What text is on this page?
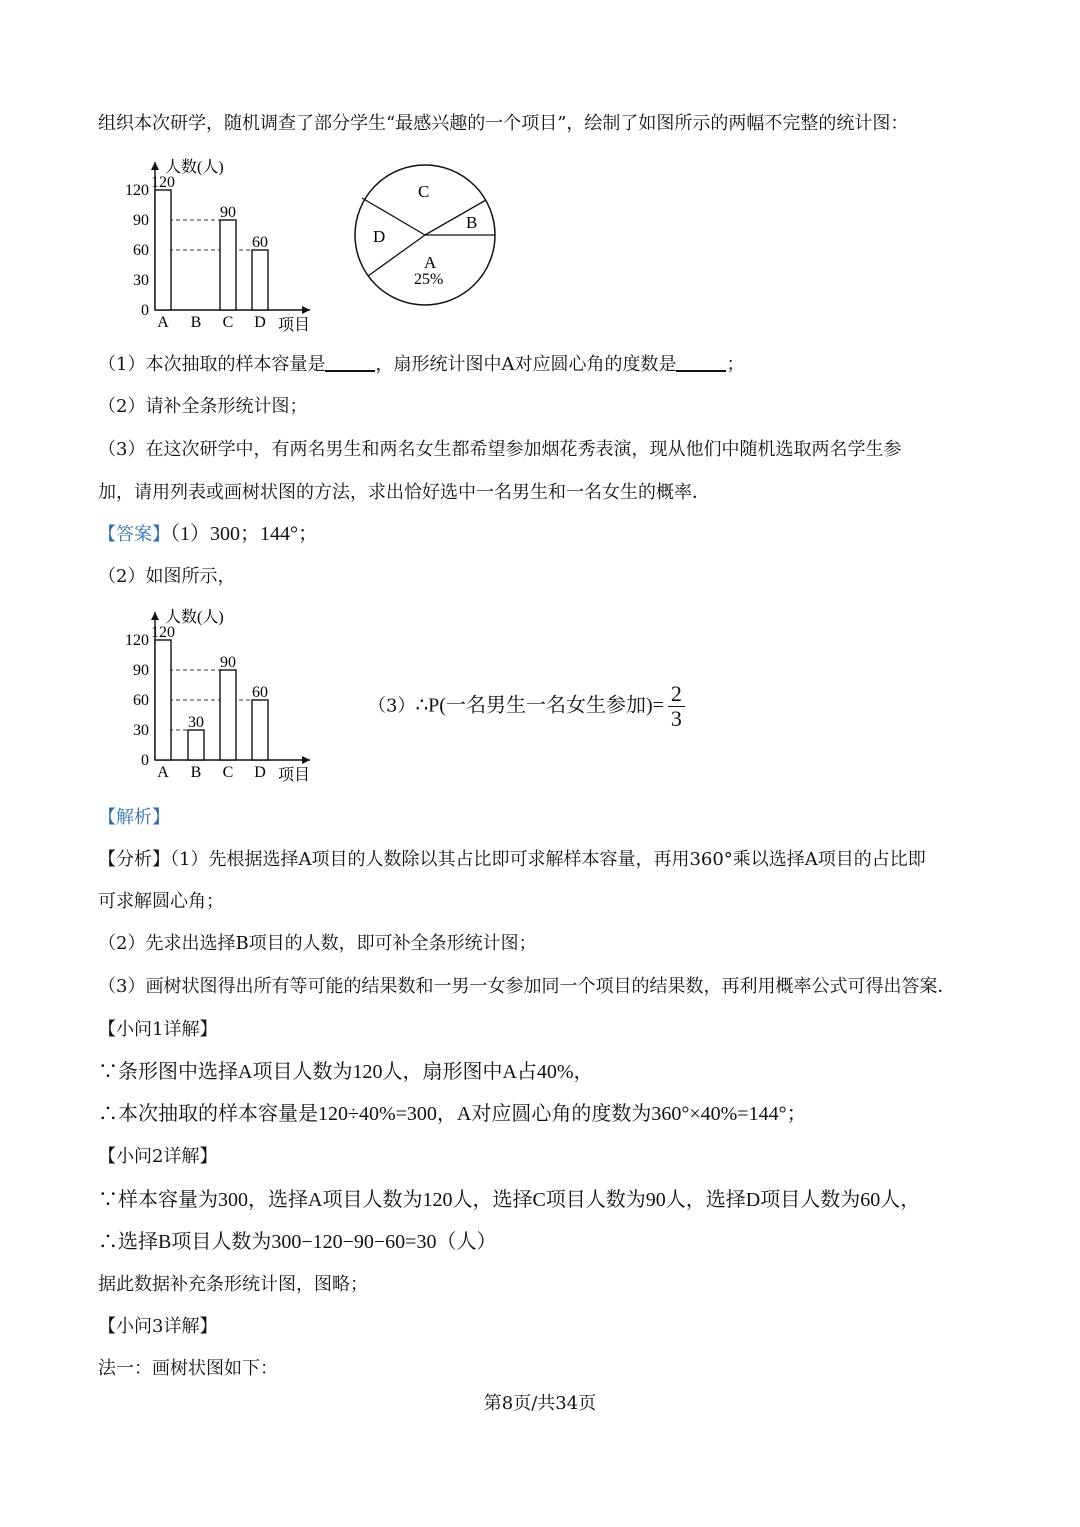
组织本次研学，随机调查了部分学生“最感兴趣的一个项目”，绘制了如图所示的两幅不完整的统计图：
0
30
60
90
120
人数(人)
项目
120
A B
90
C
60
D
C
B
D
A
25%
（1）本次抽取的样本容量是	，扇形统计图中A对应圆心角的度数是	；
（2）请补全条形统计图；
（3）在这次研学中，有两名男生和两名女生都希望参加烟花秀表演，现从他们中随机选取两名学生参
加，请用列表或画树状图的方法，求出恰好选中一名男生和一名女生的概率．
【答案】（1）300；144°；
（2）如图所示，
0
30
60
90
120
人数(人)
项目
120
A
30
B
90
C
60
D
（3）∴P(一名男生一名女生参加)= $\frac{2}{3}$
【解析】
【分析】（1）先根据选择A项目的人数除以其占比即可求解样本容量，再用360°乘以选择A项目的占比即
可求解圆心角；
（2）先求出选择B项目的人数，即可补全条形统计图；
（3）画树状图得出所有等可能的结果数和一男一女参加同一个项目的结果数，再利用概率公式可得出答案．
【小问1详解】
∵条形图中选择A项目人数为120人，扇形图中A占40%，
∴本次抽取的样本容量是120÷40%=300，A对应圆心角的度数为360°×40%=144°；
【小问2详解】
∵样本容量为300，选择A项目人数为120人，选择C项目人数为90人，选择D项目人数为60人，
∴选择B项目人数为300−120−90−60=30（人）
据此数据补充条形统计图，图略；
【小问3详解】
法一：画树状图如下：
第8页/共34页
